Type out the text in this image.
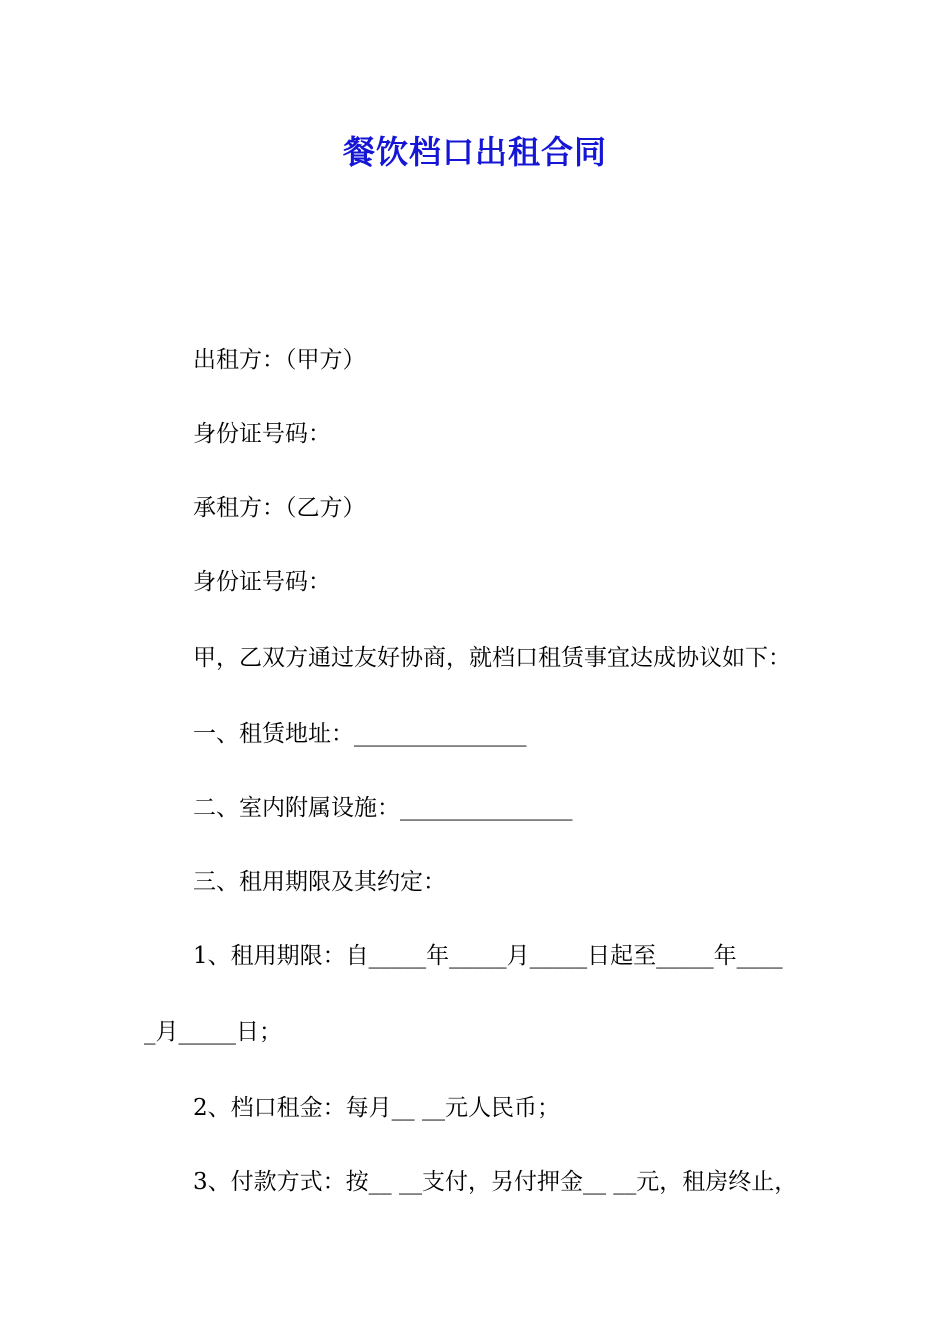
餐饮档口出租合同
出租方：（甲方）
身份证号码：
承租方：（乙方）
身份证号码：
甲，乙双方通过友好协商，就档口租赁事宜达成协议如下：
一、租赁地址：_______________
二、室内附属设施：_______________
三、租用期限及其约定：
1、租用期限：自_____年_____月_____日起至_____年____
_月_____日；
2、档口租金：每月__ __元人民币；
3、付款方式：按__ __支付，另付押金__ __元，租房终止，
